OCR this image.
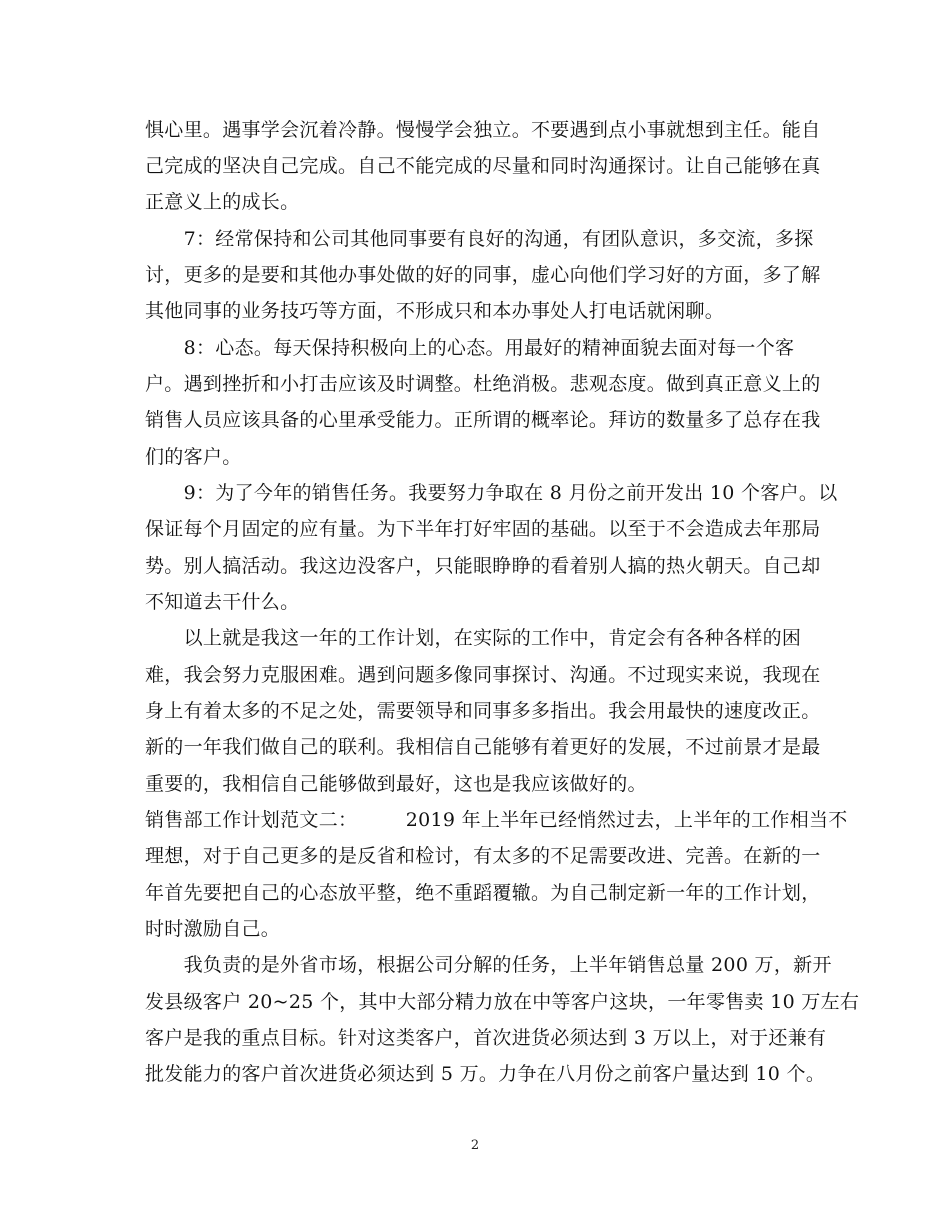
惧心里。遇事学会沉着冷静。慢慢学会独立。不要遇到点小事就想到主任。能自
己完成的坚决自己完成。自己不能完成的尽量和同时沟通探讨。让自己能够在真
正意义上的成长。
　　7：经常保持和公司其他同事要有良好的沟通，有团队意识，多交流，多探
讨，更多的是要和其他办事处做的好的同事，虚心向他们学习好的方面，多了解
其他同事的业务技巧等方面，不形成只和本办事处人打电话就闲聊。
　　8：心态。每天保持积极向上的心态。用最好的精神面貌去面对每一个客
户。遇到挫折和小打击应该及时调整。杜绝消极。悲观态度。做到真正意义上的
销售人员应该具备的心里承受能力。正所谓的概率论。拜访的数量多了总存在我
们的客户。
　　9：为了今年的销售任务。我要努力争取在 8 月份之前开发出 10 个客户。以
保证每个月固定的应有量。为下半年打好牢固的基础。以至于不会造成去年那局
势。别人搞活动。我这边没客户，只能眼睁睁的看着别人搞的热火朝天。自己却
不知道去干什么。
　　以上就是我这一年的工作计划，在实际的工作中，肯定会有各种各样的困
难，我会努力克服困难。遇到问题多像同事探讨、沟通。不过现实来说，我现在
身上有着太多的不足之处，需要领导和同事多多指出。我会用最快的速度改正。
新的一年我们做自己的联利。我相信自己能够有着更好的发展，不过前景才是最
重要的，我相信自己能够做到最好，这也是我应该做好的。
销售部工作计划范文二：　　　2019 年上半年已经悄然过去，上半年的工作相当不
理想，对于自己更多的是反省和检讨，有太多的不足需要改进、完善。在新的一
年首先要把自己的心态放平整，绝不重蹈覆辙。为自己制定新一年的工作计划，
时时激励自己。
　　我负责的是外省市场，根据公司分解的任务，上半年销售总量 200 万，新开
发县级客户 20~25 个，其中大部分精力放在中等客户这块，一年零售卖 10 万左右
客户是我的重点目标。针对这类客户，首次进货必须达到 3 万以上，对于还兼有
批发能力的客户首次进货必须达到 5 万。力争在八月份之前客户量达到 10 个。
2
